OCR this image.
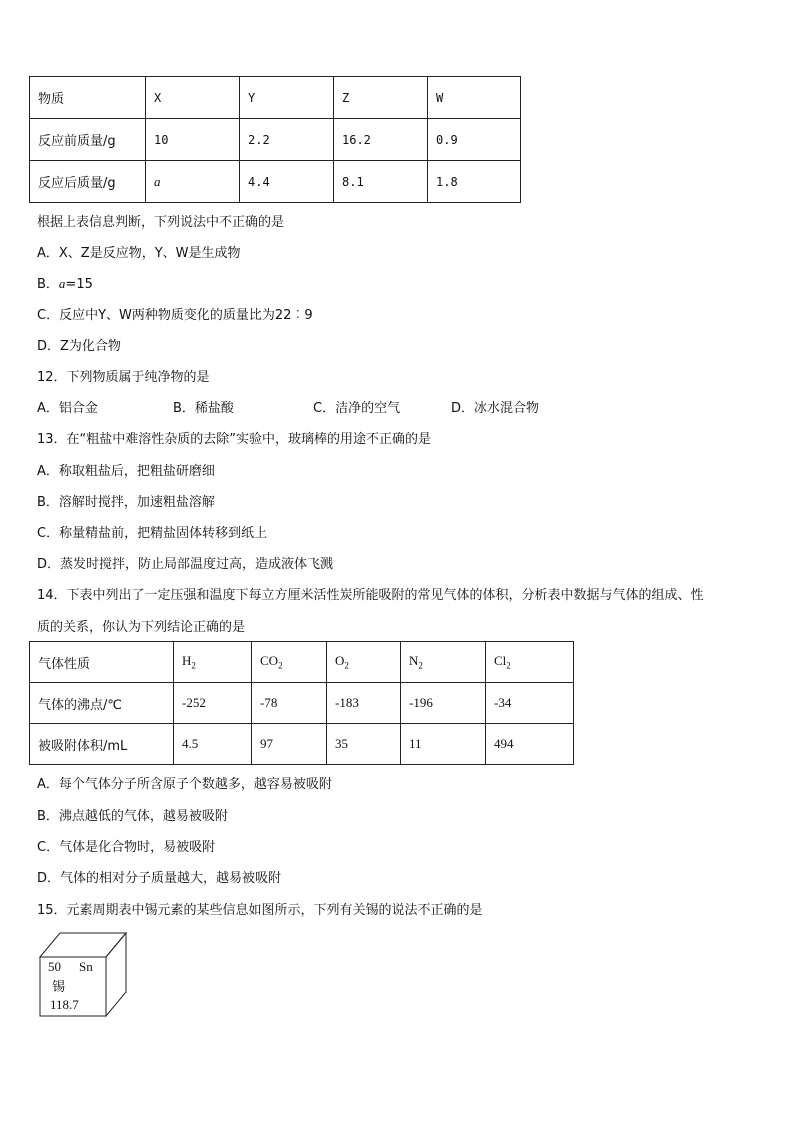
物质	X	Y	Z	W
反应前质量/g	10	2.2	16.2	0.9
反应后质量/g	a	4.4	8.1	1.8
根据上表信息判断，下列说法中不正确的是
A．X、Z是反应物，Y、W是生成物
B．a=15
C．反应中Y、W两种物质变化的质量比为22︰9
D．Z为化合物
12．下列物质属于纯净物的是
A．铝合金	B．稀盐酸	C．洁净的空气	D．冰水混合物
13．在“粗盐中难溶性杂质的去除”实验中，玻璃棒的用途不正确的是
A．称取粗盐后，把粗盐研磨细
B．溶解时搅拌，加速粗盐溶解
C．称量精盐前，把精盐固体转移到纸上
D．蒸发时搅拌，防止局部温度过高，造成液体飞溅
14．下表中列出了一定压强和温度下每立方厘米活性炭所能吸附的常见气体的体积，分析表中数据与气体的组成、性
质的关系，你认为下列结论正确的是
气体性质	$H_2$	$CO_2$	$O_2$	$N_2$	$Cl_2$
气体的沸点/℃	-252	-78	-183	-196	-34
被吸附体积/mL	4.5	97	35	11	494
A．每个气体分子所含原子个数越多，越容易被吸附
B．沸点越低的气体，越易被吸附
C．气体是化合物时，易被吸附
D．气体的相对分子质量越大，越易被吸附
15．元素周期表中锡元素的某些信息如图所示，下列有关锡的说法不正确的是
50 Sn
锡
118.7
